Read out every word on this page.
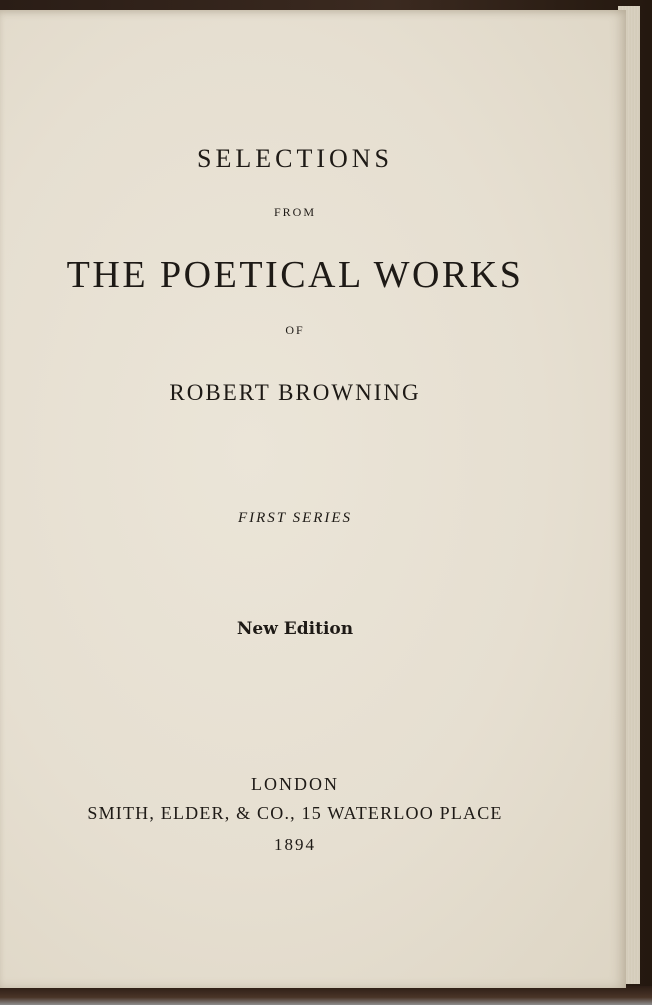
SELECTIONS
FROM
THE POETICAL WORKS
OF
ROBERT BROWNING
FIRST SERIES
New Edition
LONDON
SMITH, ELDER, & CO., 15 WATERLOO PLACE
1894
